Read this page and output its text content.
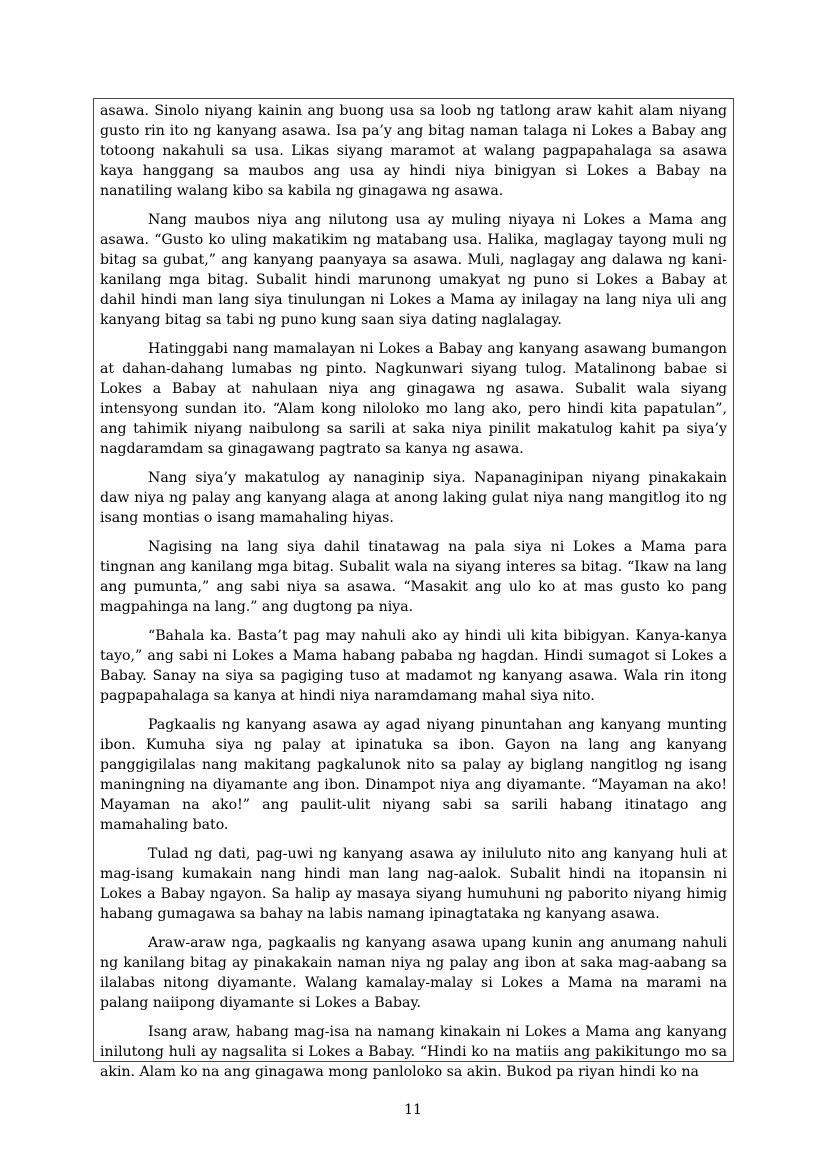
asawa. Sinolo niyang kainin ang buong usa sa loob ng tatlong araw kahit alam niyang gusto rin ito ng kanyang asawa. Isa pa’y ang bitag naman talaga ni Lokes a Babay ang totoong nakahuli sa usa. Likas siyang maramot at walang pagpapahalaga sa asawa kaya hanggang sa maubos ang usa ay hindi niya binigyan si Lokes a Babay na nanatiling walang kibo sa kabila ng ginagawa ng asawa.

Nang maubos niya ang nilutong usa ay muling niyaya ni Lokes a Mama ang asawa. “Gusto ko uling makatikim ng matabang usa. Halika, maglagay tayong muli ng bitag sa gubat,” ang kanyang paanyaya sa asawa. Muli, naglagay ang dalawa ng kani-kanilang mga bitag. Subalit hindi marunong umakyat ng puno si Lokes a Babay at dahil hindi man lang siya tinulungan ni Lokes a Mama ay inilagay na lang niya uli ang kanyang bitag sa tabi ng puno kung saan siya dating naglalagay.

Hatinggabi nang mamalayan ni Lokes a Babay ang kanyang asawang bumangon at dahan-dahang lumabas ng pinto. Nagkunwari siyang tulog. Matalinong babae si Lokes a Babay at nahulaan niya ang ginagawa ng asawa. Subalit wala siyang intensyong sundan ito. “Alam kong niloloko mo lang ako, pero hindi kita papatulan”, ang tahimik niyang naibulong sa sarili at saka niya pinilit makatulog kahit pa siya’y nagdaramdam sa ginagawang pagtrato sa kanya ng asawa.

Nang siya’y makatulog ay nanaginip siya. Napanaginipan niyang pinakakain daw niya ng palay ang kanyang alaga at anong laking gulat niya nang mangitlog ito ng isang montias o isang mamahaling hiyas.

Nagising na lang siya dahil tinatawag na pala siya ni Lokes a Mama para tingnan ang kanilang mga bitag. Subalit wala na siyang interes sa bitag. “Ikaw na lang ang pumunta,” ang sabi niya sa asawa. “Masakit ang ulo ko at mas gusto ko pang magpahinga na lang.” ang dugtong pa niya.

“Bahala ka. Basta’t pag may nahuli ako ay hindi uli kita bibigyan. Kanya-kanya tayo,” ang sabi ni Lokes a Mama habang pababa ng hagdan. Hindi sumagot si Lokes a Babay. Sanay na siya sa pagiging tuso at madamot ng kanyang asawa. Wala rin itong pagpapahalaga sa kanya at hindi niya naramdamang mahal siya nito.

Pagkaalis ng kanyang asawa ay agad niyang pinuntahan ang kanyang munting ibon. Kumuha siya ng palay at ipinatuka sa ibon. Gayon na lang ang kanyang panggigilalas nang makitang pagkalunok nito sa palay ay biglang nangitlog ng isang maningning na diyamante ang ibon. Dinampot niya ang diyamante. “Mayaman na ako! Mayaman na ako!” ang paulit-ulit niyang sabi sa sarili habang itinatago ang mamahaling bato.

Tulad ng dati, pag-uwi ng kanyang asawa ay iniluluto nito ang kanyang huli at mag-isang kumakain nang hindi man lang nag-aalok. Subalit hindi na itopansin ni Lokes a Babay ngayon. Sa halip ay masaya siyang humuhuni ng paborito niyang himig habang gumagawa sa bahay na labis namang ipinagtataka ng kanyang asawa.

Araw-araw nga, pagkaalis ng kanyang asawa upang kunin ang anumang nahuli ng kanilang bitag ay pinakakain naman niya ng palay ang ibon at saka mag-aabang sa ilalabas nitong diyamante. Walang kamalay-malay si Lokes a Mama na marami na palang naiipong diyamante si Lokes a Babay.

Isang araw, habang mag-isa na namang kinakain ni Lokes a Mama ang kanyang inilutong huli ay nagsalita si Lokes a Babay. “Hindi ko na matiis ang pakikitungo mo sa akin. Alam ko na ang ginagawa mong panloloko sa akin. Bukod pa riyan hindi ko na

11
